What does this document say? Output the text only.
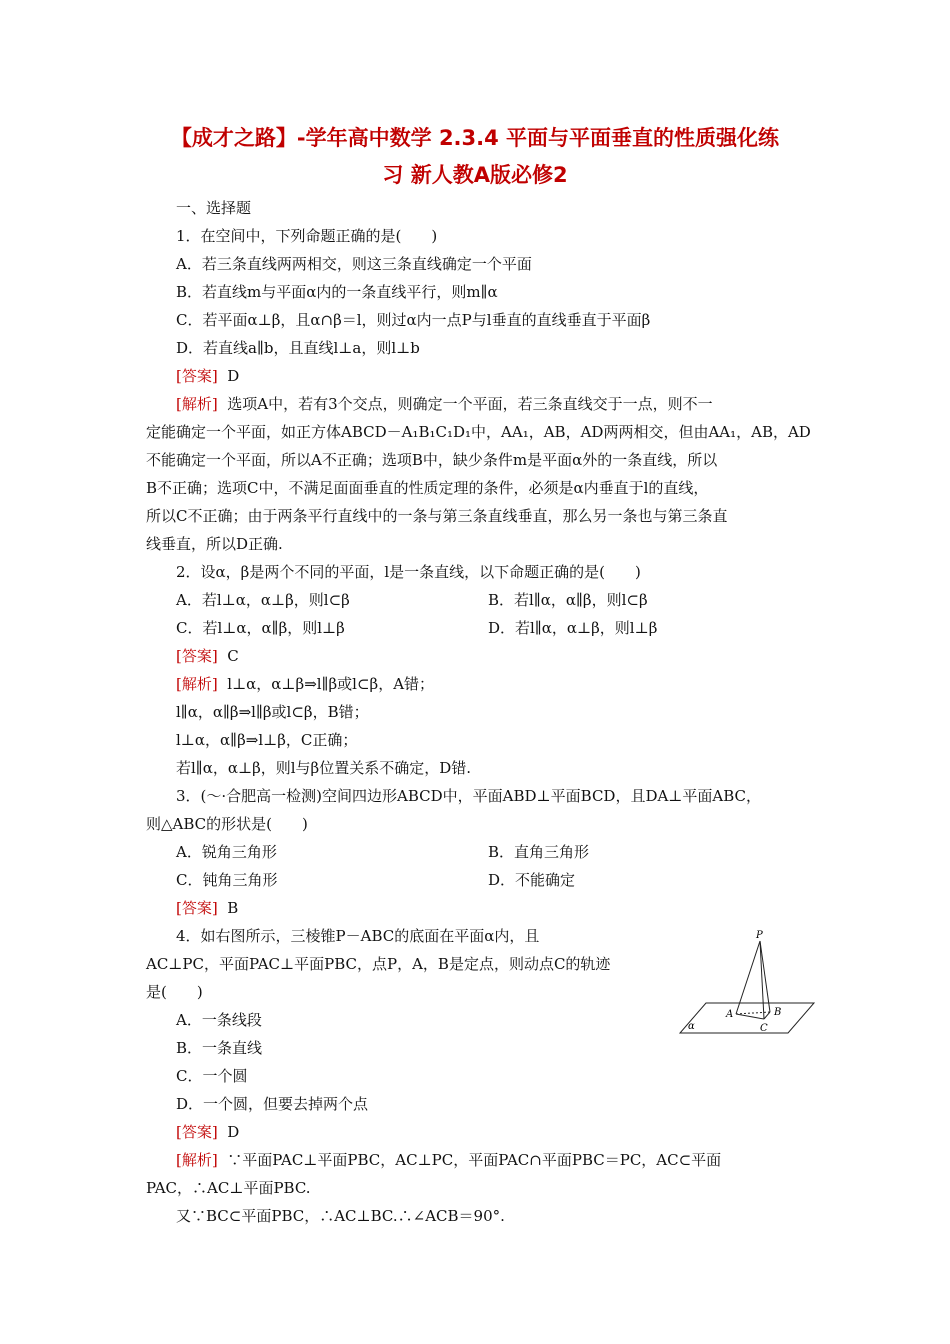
【成才之路】-学年高中数学 2.3.4 平面与平面垂直的性质强化练
习 新人教A版必修2
一、选择题
1．在空间中，下列命题正确的是(　　)
A．若三条直线两两相交，则这三条直线确定一个平面
B．若直线m与平面α内的一条直线平行，则m∥α
C．若平面α⊥β，且α∩β＝l，则过α内一点P与l垂直的直线垂直于平面β
D．若直线a∥b，且直线l⊥a，则l⊥b
[答案] D
[解析] 选项A中，若有3个交点，则确定一个平面，若三条直线交于一点，则不一
定能确定一个平面，如正方体ABCD－A₁B₁C₁D₁中，AA₁，AB，AD两两相交，但由AA₁，AB，AD
不能确定一个平面，所以A不正确；选项B中，缺少条件m是平面α外的一条直线，所以
B不正确；选项C中，不满足面面垂直的性质定理的条件，必须是α内垂直于l的直线，
所以C不正确；由于两条平行直线中的一条与第三条直线垂直，那么另一条也与第三条直
线垂直，所以D正确.
2．设α，β是两个不同的平面，l是一条直线，以下命题正确的是(　　)
A．若l⊥α，α⊥β，则l⊂β	B．若l∥α，α∥β，则l⊂β
C．若l⊥α，α∥β，则l⊥β	D．若l∥α，α⊥β，则l⊥β
[答案] C
[解析] l⊥α，α⊥β⇒l∥β或l⊂β，A错；
l∥α，α∥β⇒l∥β或l⊂β，B错；
l⊥α，α∥β⇒l⊥β，C正确；
若l∥α，α⊥β，则l与β位置关系不确定，D错.
3．(～·合肥高一检测)空间四边形ABCD中，平面ABD⊥平面BCD，且DA⊥平面ABC，
则△ABC的形状是(　　)
A．锐角三角形	B．直角三角形
C．钝角三角形	D．不能确定
[答案] B
4．如右图所示，三棱锥P－ABC的底面在平面α内，且
AC⊥PC，平面PAC⊥平面PBC，点P，A，B是定点，则动点C的轨迹
是(　　)
A．一条线段
B．一条直线
C．一个圆
D．一个圆，但要去掉两个点
[答案] D
[解析] ∵平面PAC⊥平面PBC，AC⊥PC，平面PAC∩平面PBC＝PC，AC⊂平面
PAC，∴AC⊥平面PBC.
又∵BC⊂平面PBC，∴AC⊥BC.∴∠ACB＝90°.
P
A	B
C
α
